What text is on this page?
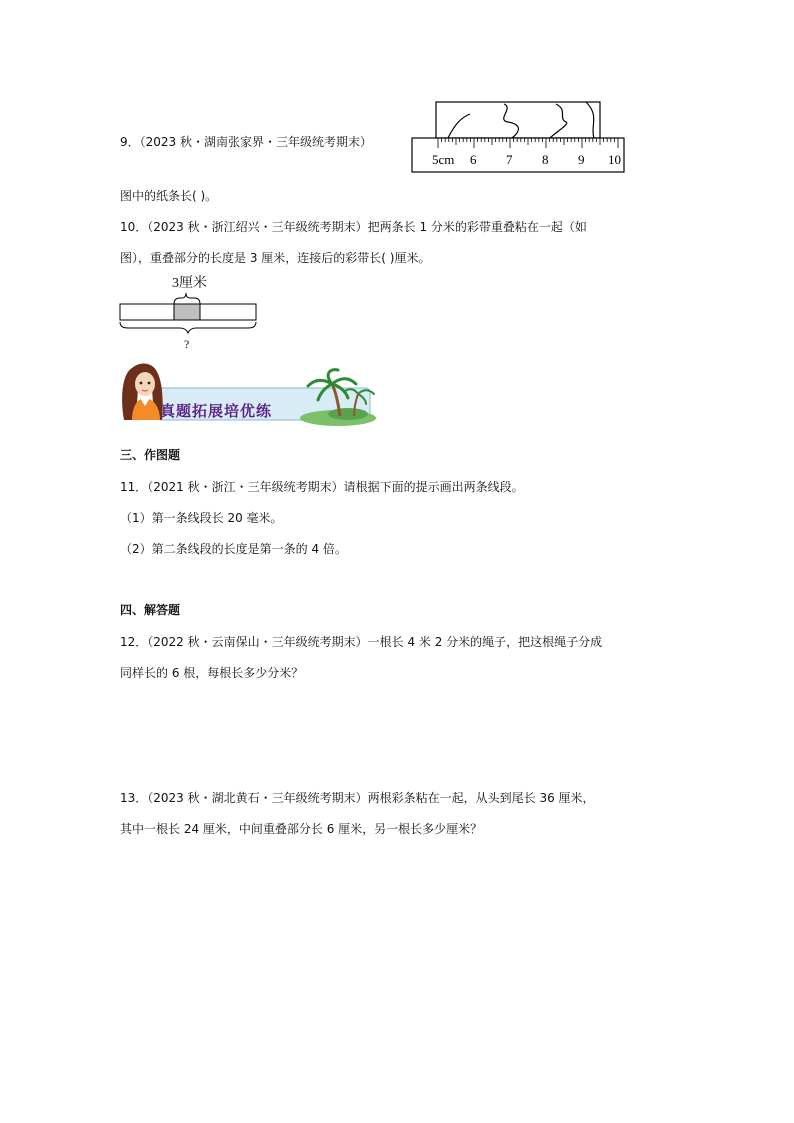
9．（2023 秋・湖南张家界・三年级统考期末）
5cm 6 7 8 9 10
图中的纸条长( )。
10．（2023 秋・浙江绍兴・三年级统考期末）把两条长 1 分米的彩带重叠粘在一起（如
图），重叠部分的长度是 3 厘米，连接后的彩带长( )厘米。
3厘米
?
真题拓展培优练
三、作图题
11．（2021 秋・浙江・三年级统考期末）请根据下面的提示画出两条线段。
（1）第一条线段长 20 毫米。
（2）第二条线段的长度是第一条的 4 倍。
四、解答题
12．（2022 秋・云南保山・三年级统考期末）一根长 4 米 2 分米的绳子，把这根绳子分成
同样长的 6 根，每根长多少分米？
13．（2023 秋・湖北黄石・三年级统考期末）两根彩条粘在一起，从头到尾长 36 厘米，
其中一根长 24 厘米，中间重叠部分长 6 厘米，另一根长多少厘米？
